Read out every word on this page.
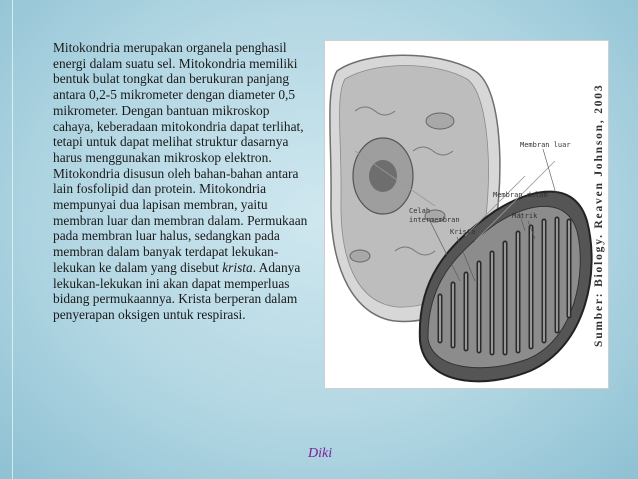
Mitokondria merupakan organela penghasil energi dalam suatu sel. Mitokondria memiliki bentuk bulat tongkat dan berukuran panjang antara 0,2-5 mikrometer dengan diameter 0,5 mikrometer. Dengan bantuan mikroskop cahaya, keberadaan mitokondria dapat terlihat, tetapi untuk dapat melihat struktur dasarnya harus menggunakan mikroskop elektron. Mitokondria disusun oleh bahan-bahan antara lain fosfolipid dan protein. Mitokondria mempunyai dua lapisan membran, yaitu membran luar dan membran dalam. Permukaan pada membran luar halus, sedangkan pada membran dalam banyak terdapat lekukan-lekukan ke dalam yang disebut krista. Adanya lekukan-lekukan ini akan dapat memperluas bidang permukaannya. Krista berperan dalam penyerapan oksigen untuk respirasi.

Membran luar
Membran dalam
Matrik
Celah
intermembran
Krista	Sumber: Biology. Reaven Johnson, 2003
Diki
